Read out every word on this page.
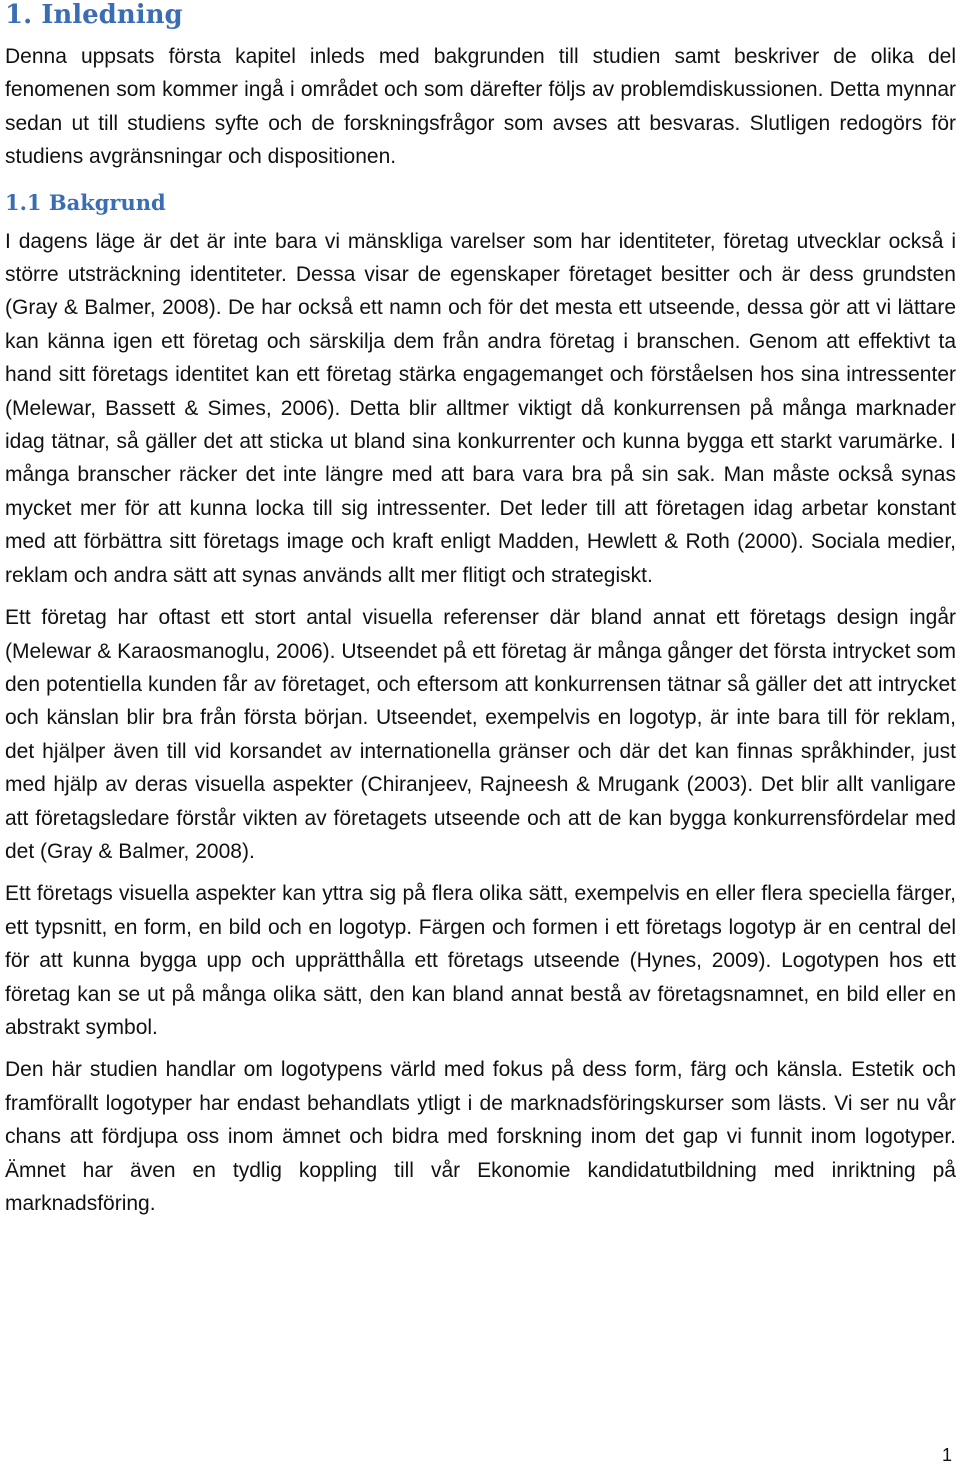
1. Inledning

Denna uppsats första kapitel inleds med bakgrunden till studien samt beskriver de olika del fenomenen som kommer ingå i området och som därefter följs av problemdiskussionen. Detta mynnar sedan ut till studiens syfte och de forskningsfrågor som avses att besvaras. Slutligen redogörs för studiens avgränsningar och dispositionen.

1.1 Bakgrund

I dagens läge är det är inte bara vi mänskliga varelser som har identiteter, företag utvecklar också i större utsträckning identiteter. Dessa visar de egenskaper företaget besitter och är dess grundsten (Gray & Balmer, 2008). De har också ett namn och för det mesta ett utseende, dessa gör att vi lättare kan känna igen ett företag och särskilja dem från andra företag i branschen. Genom att effektivt ta hand sitt företags identitet kan ett företag stärka engagemanget och förståelsen hos sina intressenter (Melewar, Bassett & Simes, 2006). Detta blir alltmer viktigt då konkurrensen på många marknader idag tätnar, så gäller det att sticka ut bland sina konkurrenter och kunna bygga ett starkt varumärke. I många branscher räcker det inte längre med att bara vara bra på sin sak. Man måste också synas mycket mer för att kunna locka till sig intressenter. Det leder till att företagen idag arbetar konstant med att förbättra sitt företags image och kraft enligt Madden, Hewlett & Roth (2000). Sociala medier, reklam och andra sätt att synas används allt mer flitigt och strategiskt.

Ett företag har oftast ett stort antal visuella referenser där bland annat ett företags design ingår (Melewar & Karaosmanoglu, 2006). Utseendet på ett företag är många gånger det första intrycket som den potentiella kunden får av företaget, och eftersom att konkurrensen tätnar så gäller det att intrycket och känslan blir bra från första början. Utseendet, exempelvis en logotyp, är inte bara till för reklam, det hjälper även till vid korsandet av internationella gränser och där det kan finnas språkhinder, just med hjälp av deras visuella aspekter (Chiranjeev, Rajneesh & Mrugank (2003). Det blir allt vanligare att företagsledare förstår vikten av företagets utseende och att de kan bygga konkurrensfördelar med det (Gray & Balmer, 2008).

Ett företags visuella aspekter kan yttra sig på flera olika sätt, exempelvis en eller flera speciella färger, ett typsnitt, en form, en bild och en logotyp. Färgen och formen i ett företags logotyp är en central del för att kunna bygga upp och upprätthålla ett företags utseende (Hynes, 2009). Logotypen hos ett företag kan se ut på många olika sätt, den kan bland annat bestå av företagsnamnet, en bild eller en abstrakt symbol.

Den här studien handlar om logotypens värld med fokus på dess form, färg och känsla. Estetik och framförallt logotyper har endast behandlats ytligt i de marknadsföringskurser som lästs. Vi ser nu vår chans att fördjupa oss inom ämnet och bidra med forskning inom det gap vi funnit inom logotyper. Ämnet har även en tydlig koppling till vår Ekonomie kandidatutbildning med inriktning på marknadsföring.

1
